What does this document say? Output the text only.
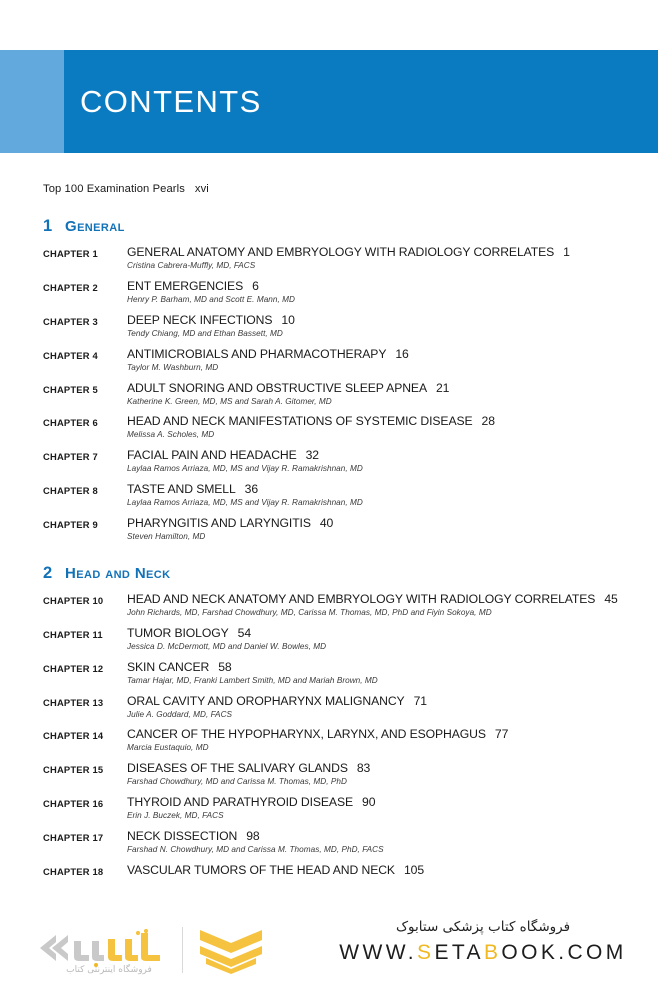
CONTENTS
Top 100 Examination Pearls xvi
1 General
CHAPTER 1	GENERAL ANATOMY AND EMBRYOLOGY WITH RADIOLOGY CORRELATES 1
Cristina Cabrera-Muffly, MD, FACS
CHAPTER 2	ENT EMERGENCIES 6
Henry P. Barham, MD and Scott E. Mann, MD
CHAPTER 3	DEEP NECK INFECTIONS 10
Tendy Chiang, MD and Ethan Bassett, MD
CHAPTER 4	ANTIMICROBIALS AND PHARMACOTHERAPY 16
Taylor M. Washburn, MD
CHAPTER 5	ADULT SNORING AND OBSTRUCTIVE SLEEP APNEA 21
Katherine K. Green, MD, MS and Sarah A. Gitomer, MD
CHAPTER 6	HEAD AND NECK MANIFESTATIONS OF SYSTEMIC DISEASE 28
Melissa A. Scholes, MD
CHAPTER 7	FACIAL PAIN AND HEADACHE 32
Laylaa Ramos Arriaza, MD, MS and Vijay R. Ramakrishnan, MD
CHAPTER 8	TASTE AND SMELL 36
Laylaa Ramos Arriaza, MD, MS and Vijay R. Ramakrishnan, MD
CHAPTER 9	PHARYNGITIS AND LARYNGITIS 40
Steven Hamilton, MD
2 Head and Neck
CHAPTER 10	HEAD AND NECK ANATOMY AND EMBRYOLOGY WITH RADIOLOGY CORRELATES 45
John Richards, MD, Farshad Chowdhury, MD, Carissa M. Thomas, MD, PhD and Fiyin Sokoya, MD
CHAPTER 11	TUMOR BIOLOGY 54
Jessica D. McDermott, MD and Daniel W. Bowles, MD
CHAPTER 12	SKIN CANCER 58
Tamar Hajar, MD, Franki Lambert Smith, MD and Mariah Brown, MD
CHAPTER 13	ORAL CAVITY AND OROPHARYNX MALIGNANCY 71
Julie A. Goddard, MD, FACS
CHAPTER 14	CANCER OF THE HYPOPHARYNX, LARYNX, AND ESOPHAGUS 77
Marcia Eustaquio, MD
CHAPTER 15	DISEASES OF THE SALIVARY GLANDS 83
Farshad Chowdhury, MD and Carissa M. Thomas, MD, PhD
CHAPTER 16	THYROID AND PARATHYROID DISEASE 90
Erin J. Buczek, MD, FACS
CHAPTER 17	NECK DISSECTION 98
Farshad N. Chowdhury, MD and Carissa M. Thomas, MD, PhD, FACS
CHAPTER 18	VASCULAR TUMORS OF THE HEAD AND NECK 105
فروشگاه اینترنتی کتاب
فروشگاه کتاب پزشکی ستابوک
WWW.SETABOOK.COM
